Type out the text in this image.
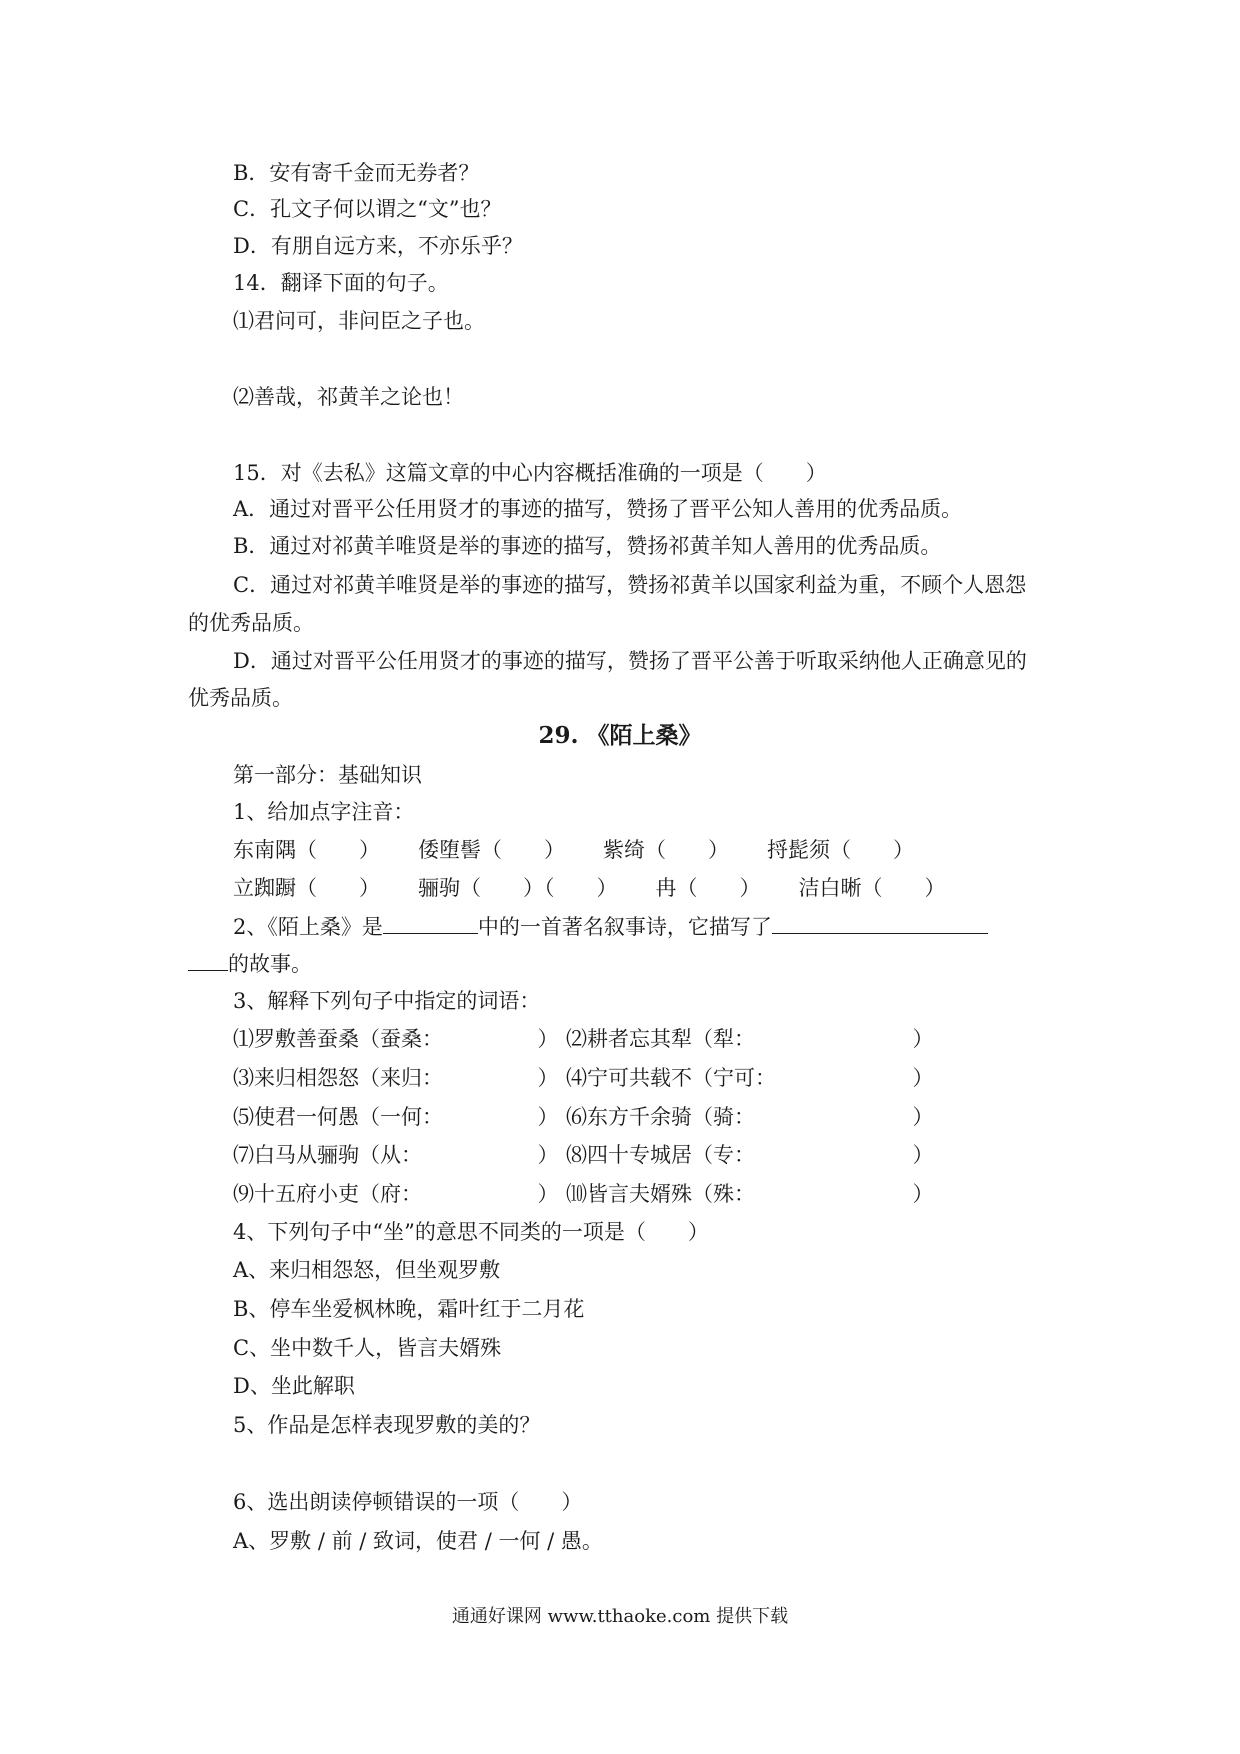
B．安有寄千金而无券者？
C．孔文子何以谓之“文”也？
D．有朋自远方来，不亦乐乎？
14．翻译下面的句子。
⑴君问可，非问臣之子也。
⑵善哉，祁黄羊之论也！
15．对《去私》这篇文章的中心内容概括准确的一项是（　　）
A．通过对晋平公任用贤才的事迹的描写，赞扬了晋平公知人善用的优秀品质。
B．通过对祁黄羊唯贤是举的事迹的描写，赞扬祁黄羊知人善用的优秀品质。
C．通过对祁黄羊唯贤是举的事迹的描写，赞扬祁黄羊以国家利益为重，不顾个人恩怨
的优秀品质。
D．通过对晋平公任用贤才的事迹的描写，赞扬了晋平公善于听取采纳他人正确意见的
优秀品质。
29. 《陌上桑》
第一部分：基础知识
1、给加点字注音：
东南隅（　　） 倭堕髻（　　） 紫绮（　　） 捋髭须（　　）
立踟蹰（　　） 骊驹（　　）（　　） 冉（　　） 洁白晰（　　）
2、《陌上桑》是	中的一首著名叙事诗，它描写了
的故事。
3、解释下列句子中指定的词语：
⑴罗敷善蚕桑（蚕桑：　　　　　） ⑵耕者忘其犁（犁：　　　　　　　　）
⑶来归相怨怒（来归：　　　　　） ⑷宁可共载不（宁可：　　　　　　　）
⑸使君一何愚（一何：　　　　　） ⑹东方千余骑（骑：　　　　　　　　）
⑺白马从骊驹（从：　　　　　　） ⑻四十专城居（专：　　　　　　　　）
⑼十五府小吏（府：　　　　　　） ⑽皆言夫婿殊（殊：　　　　　　　　）
4、下列句子中“坐”的意思不同类的一项是（　　）
A、来归相怨怒，但坐观罗敷
B、停车坐爱枫林晚，霜叶红于二月花
C、坐中数千人，皆言夫婿殊
D、坐此解职
5、作品是怎样表现罗敷的美的？
6、选出朗读停顿错误的一项（　　）
A、罗敷 / 前 / 致词，使君 / 一何 / 愚。
通通好课网 www.tthaoke.com 提供下载
